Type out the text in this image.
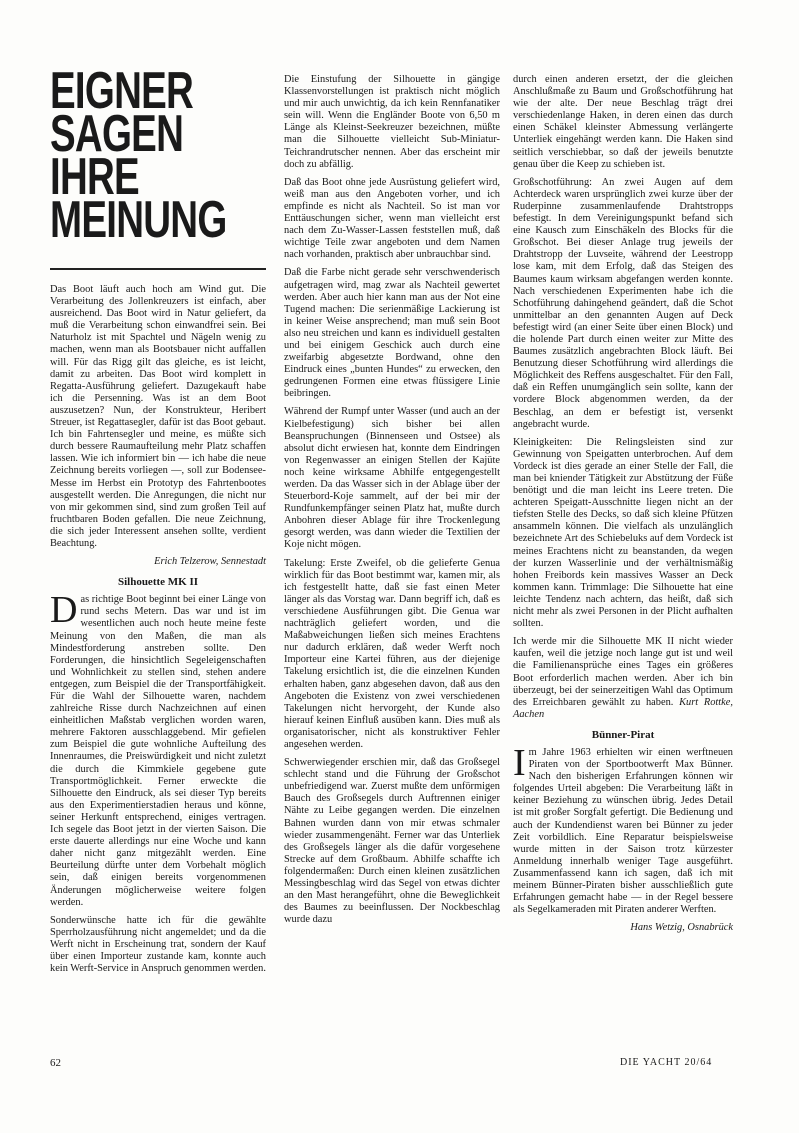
EIGNER
SAGEN
IHRE
MEINUNG

Das Boot läuft auch hoch am Wind gut. Die Verarbeitung des Jollenkreuzers ist einfach, aber ausreichend. Das Boot wird in Natur geliefert, da muß die Verarbeitung schon einwandfrei sein. Bei Naturholz ist mit Spachtel und Nägeln wenig zu machen, wenn man als Bootsbauer nicht auffallen will. Für das Rigg gilt das gleiche, es ist leicht, damit zu arbeiten. Das Boot wird komplett in Regatta-Ausführung geliefert. Dazugekauft habe ich die Persenning. Was ist an dem Boot auszusetzen? Nun, der Konstrukteur, Heribert Streuer, ist Regattasegler, dafür ist das Boot gebaut. Ich bin Fahrtensegler und meine, es müßte sich durch bessere Raumaufteilung mehr Platz schaffen lassen. Wie ich informiert bin — ich habe die neue Zeichnung bereits vorliegen —, soll zur Bodensee-Messe im Herbst ein Prototyp des Fahrtenbootes ausgestellt werden. Die Anregungen, die nicht nur von mir gekommen sind, sind zum großen Teil auf fruchtbaren Boden gefallen. Die neue Zeichnung, die sich jeder Interessent ansehen sollte, verdient Beachtung.

Erich Telzerow, Sennestadt

Silhouette MK II

Das richtige Boot beginnt bei einer Länge von rund sechs Metern. Das war und ist im wesentlichen auch noch heute meine feste Meinung von den Maßen, die man als Mindestforderung anstreben sollte. Den Forderungen, die hinsichtlich Segeleigenschaften und Wohnlichkeit zu stellen sind, stehen andere entgegen, zum Beispiel die der Transportfähigkeit. Für die Wahl der Silhouette waren, nachdem zahlreiche Risse durch Nachzeichnen auf einen einheitlichen Maßstab verglichen worden waren, mehrere Faktoren ausschlaggebend. Mir gefielen zum Beispiel die gute wohnliche Aufteilung des Innenraumes, die Preiswürdigkeit und nicht zuletzt die durch die Kimmkiele gegebene gute Transportmöglichkeit. Ferner erweckte die Silhouette den Eindruck, als sei dieser Typ bereits aus den Experimentierstadien heraus und könne, seiner Herkunft entsprechend, einiges vertragen. Ich segele das Boot jetzt in der vierten Saison. Die erste dauerte allerdings nur eine Woche und kann daher nicht ganz mitgezählt werden. Eine Beurteilung dürfte unter dem Vorbehalt möglich sein, daß einigen bereits vorgenommenen Änderungen möglicherweise weitere folgen werden.

Sonderwünsche hatte ich für die gewählte Sperrholzausführung nicht angemeldet; und da die Werft nicht in Erscheinung trat, sondern der Kauf über einen Importeur zustande kam, konnte auch kein Werft-Service in Anspruch genommen werden.

Die Einstufung der Silhouette in gängige Klassenvorstellungen ist praktisch nicht möglich und mir auch unwichtig, da ich kein Rennfanatiker sein will. Wenn die Engländer Boote von 6,50 m Länge als Kleinst-Seekreuzer bezeichnen, müßte man die Silhouette vielleicht Sub-Miniatur-Teichrandrutscher nennen. Aber das erscheint mir doch zu abfällig.

Daß das Boot ohne jede Ausrüstung geliefert wird, weiß man aus den Angeboten vorher, und ich empfinde es nicht als Nachteil. So ist man vor Enttäuschungen sicher, wenn man vielleicht erst nach dem Zu-Wasser-Lassen feststellen muß, daß wichtige Teile zwar angeboten und dem Namen nach vorhanden, praktisch aber unbrauchbar sind.

Daß die Farbe nicht gerade sehr verschwenderisch aufgetragen wird, mag zwar als Nachteil gewertet werden. Aber auch hier kann man aus der Not eine Tugend machen: Die serienmäßige Lackierung ist in keiner Weise ansprechend; man muß sein Boot also neu streichen und kann es individuell gestalten und bei einigem Geschick auch durch eine zweifarbig abgesetzte Bordwand, ohne den Eindruck eines „bunten Hundes“ zu erwecken, den gedrungenen Formen eine etwas flüssigere Linie beibringen.

Während der Rumpf unter Wasser (und auch an der Kielbefestigung) sich bisher bei allen Beanspruchungen (Binnenseen und Ostsee) als absolut dicht erwiesen hat, konnte dem Eindringen von Regenwasser an einigen Stellen der Kajüte noch keine wirksame Abhilfe entgegengestellt werden. Da das Wasser sich in der Ablage über der Steuerbord-Koje sammelt, auf der bei mir der Rundfunkempfänger seinen Platz hat, mußte durch Anbohren dieser Ablage für ihre Trockenlegung gesorgt werden, was dann wieder die Textilien der Koje nicht mögen.

Takelung: Erste Zweifel, ob die gelieferte Genua wirklich für das Boot bestimmt war, kamen mir, als ich festgestellt hatte, daß sie fast einen Meter länger als das Vorstag war. Dann begriff ich, daß es verschiedene Ausführungen gibt. Die Genua war nachträglich geliefert worden, und die Maßabweichungen ließen sich meines Erachtens nur dadurch erklären, daß weder Werft noch Importeur eine Kartei führen, aus der diejenige Takelung ersichtlich ist, die die einzelnen Kunden erhalten haben, ganz abgesehen davon, daß aus den Angeboten die Existenz von zwei verschiedenen Takelungen nicht hervorgeht, der Kunde also hierauf keinen Einfluß ausüben kann. Dies muß als organisatorischer, nicht als konstruktiver Fehler angesehen werden.

Schwerwiegender erschien mir, daß das Großsegel schlecht stand und die Führung der Großschot unbefriedigend war. Zuerst mußte dem unförmigen Bauch des Großsegels durch Auftrennen einiger Nähte zu Leibe gegangen werden. Die einzelnen Bahnen wurden dann von mir etwas schmaler wieder zusammengenäht. Ferner war das Unterliek des Großsegels länger als die dafür vorgesehene Strecke auf dem Großbaum. Abhilfe schaffte ich folgendermaßen: Durch einen kleinen zusätzlichen Messingbeschlag wird das Segel von etwas dichter an den Mast herangeführt, ohne die Beweglichkeit des Baumes zu beeinflussen. Der Nockbeschlag wurde dazu

durch einen anderen ersetzt, der die gleichen Anschlußmaße zu Baum und Großschotführung hat wie der alte. Der neue Beschlag trägt drei verschiedenlange Haken, in deren einen das durch einen Schäkel kleinster Abmessung verlängerte Unterliek eingehängt werden kann. Die Haken sind seitlich verschiebbar, so daß der jeweils benutzte genau über die Keep zu schieben ist.

Großschotführung: An zwei Augen auf dem Achterdeck waren ursprünglich zwei kurze über der Ruderpinne zusammenlaufende Drahtstropps befestigt. In dem Vereinigungspunkt befand sich eine Kausch zum Einschäkeln des Blocks für die Großschot. Bei dieser Anlage trug jeweils der Drahtstropp der Luvseite, während der Leestropp lose kam, mit dem Erfolg, daß das Steigen des Baumes kaum wirksam abgefangen werden konnte. Nach verschiedenen Experimenten habe ich die Schotführung dahingehend geändert, daß die Schot unmittelbar an den genannten Augen auf Deck befestigt wird (an einer Seite über einen Block) und die holende Part durch einen weiter zur Mitte des Baumes zusätzlich angebrachten Block läuft. Bei Benutzung dieser Schotführung wird allerdings die Möglichkeit des Reffens ausgeschaltet. Für den Fall, daß ein Reffen unumgänglich sein sollte, kann der vordere Block abgenommen werden, da der Beschlag, an dem er befestigt ist, versenkt angebracht wurde.

Kleinigkeiten: Die Relingsleisten sind zur Gewinnung von Speigatten unterbrochen. Auf dem Vordeck ist dies gerade an einer Stelle der Fall, die man bei kniender Tätigkeit zur Abstützung der Füße benötigt und die man leicht ins Leere treten. Die achteren Speigatt-Ausschnitte liegen nicht an der tiefsten Stelle des Decks, so daß sich kleine Pfützen ansammeln können. Die vielfach als unzulänglich bezeichnete Art des Schiebeluks auf dem Vordeck ist meines Erachtens nicht zu beanstanden, da wegen der kurzen Wasserlinie und der verhältnismäßig hohen Freibords kein massives Wasser an Deck kommen kann. Trimmlage: Die Silhouette hat eine leichte Tendenz nach achtern, das heißt, daß sich nicht mehr als zwei Personen in der Plicht aufhalten sollten.

Ich werde mir die Silhouette MK II nicht wieder kaufen, weil die jetzige noch lange gut ist und weil die Familienansprüche eines Tages ein größeres Boot erforderlich machen werden. Aber ich bin überzeugt, bei der seinerzeitigen Wahl das Optimum des Erreichbaren gewählt zu haben. Kurt Rottke, Aachen

Bünner-Pirat

Im Jahre 1963 erhielten wir einen werftneuen Piraten von der Sportbootwerft Max Bünner. Nach den bisherigen Erfahrungen können wir folgendes Urteil abgeben: Die Verarbeitung läßt in keiner Beziehung zu wünschen übrig. Jedes Detail ist mit großer Sorgfalt gefertigt. Die Bedienung und auch der Kundendienst waren bei Bünner zu jeder Zeit vorbildlich. Eine Reparatur beispielsweise wurde mitten in der Saison trotz kürzester Anmeldung innerhalb weniger Tage ausgeführt. Zusammenfassend kann ich sagen, daß ich mit meinem Bünner-Piraten bisher ausschließlich gute Erfahrungen gemacht habe — in der Regel bessere als Segelkameraden mit Piraten anderer Werften.

Hans Wetzig, Osnabrück

62	DIE YACHT 20/64
